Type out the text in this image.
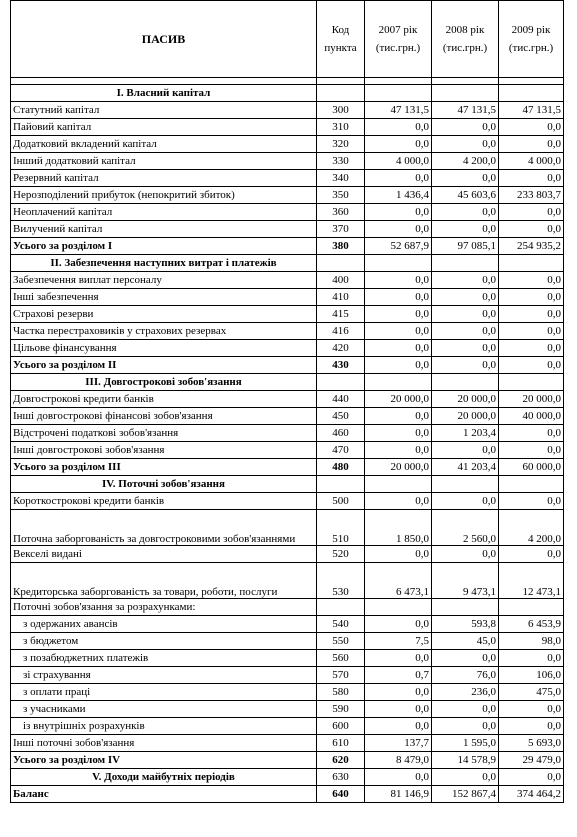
ПАСИВ	Код пункта	2007 рік (тис.грн.)	2008 рік (тис.грн.)	2009 рік (тис.грн.)

І. Власний капітал				
Статутний капітал	300	47 131,5	47 131,5	47 131,5
Пайовий капітал	310	0,0	0,0	0,0
Додатковий вкладений капітал	320	0,0	0,0	0,0
Інший додатковий капітал	330	4 000,0	4 200,0	4 000,0
Резервний капітал	340	0,0	0,0	0,0
Нерозподілений прибуток (непокритий збиток)	350	1 436,4	45 603,6	233 803,7
Неоплачений капітал	360	0,0	0,0	0,0
Вилучений капітал	370	0,0	0,0	0,0
Усього за розділом І	380	52 687,9	97 085,1	254 935,2
ІІ. Забезпечення наступних витрат і платежів				
Забезпечення виплат персоналу	400	0,0	0,0	0,0
Інші забезпечення	410	0,0	0,0	0,0
Страхові резерви	415	0,0	0,0	0,0
Частка перестраховиків у страхових резервах	416	0,0	0,0	0,0
Цільове фінансування	420	0,0	0,0	0,0
Усього за розділом ІІ	430	0,0	0,0	0,0
ІІІ. Довгострокові зобов'язання				
Довгострокові кредити банків	440	20 000,0	20 000,0	20 000,0
Інші довгострокові фінансові зобов'язання	450	0,0	20 000,0	40 000,0
Відстрочені податкові зобов'язання	460	0,0	1 203,4	0,0
Інші довгострокові зобов'язання	470	0,0	0,0	0,0
Усього за розділом ІІІ	480	20 000,0	41 203,4	60 000,0
IV. Поточні зобов'язання				
Короткострокові кредити банків	500	0,0	0,0	0,0
Поточна заборгованість за довгостроковими зобов'язаннями	510	1 850,0	2 560,0	4 200,0
Векселі видані	520	0,0	0,0	0,0
Кредиторська заборгованість за товари, роботи, послуги	530	6 473,1	9 473,1	12 473,1
Поточні зобов'язання за розрахунками:				
з одержаних авансів	540	0,0	593,8	6 453,9
з бюджетом	550	7,5	45,0	98,0
з позабюджетних платежів	560	0,0	0,0	0,0
зі страхування	570	0,7	76,0	106,0
з оплати праці	580	0,0	236,0	475,0
з учасниками	590	0,0	0,0	0,0
із внутрішніх розрахунків	600	0,0	0,0	0,0
Інші поточні зобов'язання	610	137,7	1 595,0	5 693,0
Усього за розділом IV	620	8 479,0	14 578,9	29 479,0
V. Доходи майбутніх періодів	630	0,0	0,0	0,0
Баланс	640	81 146,9	152 867,4	374 464,2
